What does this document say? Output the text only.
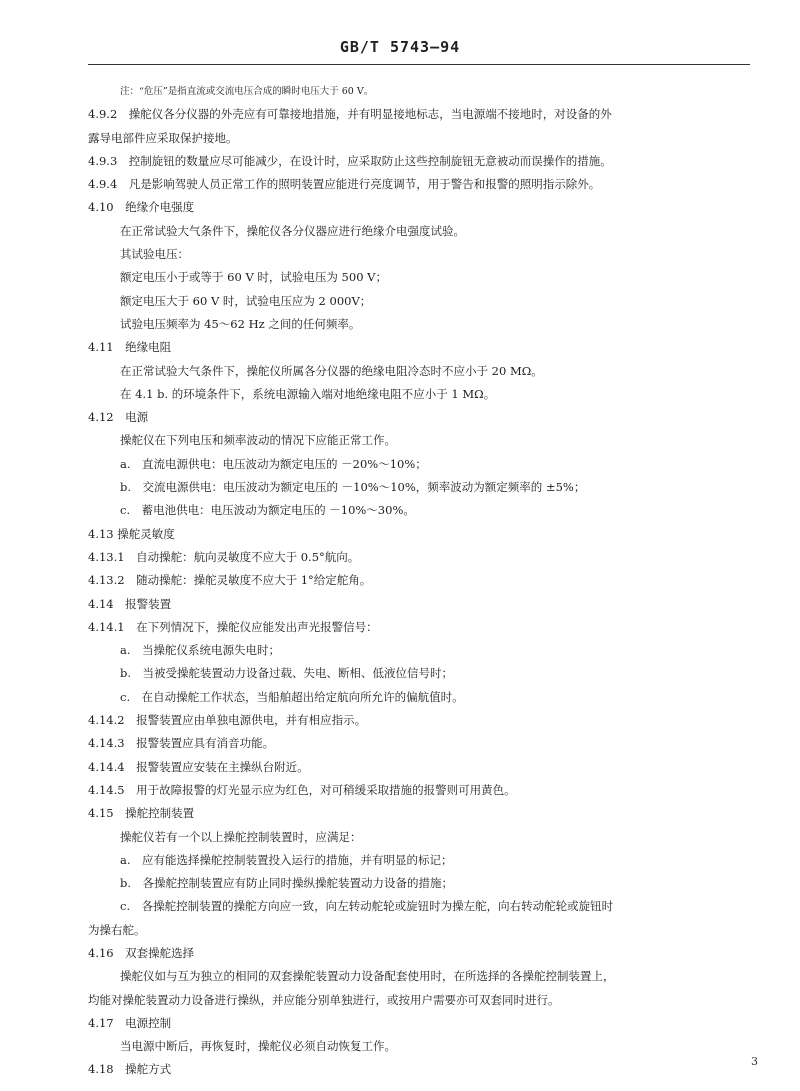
GB/T 5743—94
注：“危压”是指直流或交流电压合成的瞬时电压大于 60 V。
4.9.2　操舵仪各分仪器的外壳应有可靠接地措施，并有明显接地标志，当电源端不接地时，对设备的外
露导电部件应采取保护接地。
4.9.3　控制旋钮的数量应尽可能减少，在设计时，应采取防止这些控制旋钮无意被动而误操作的措施。
4.9.4　凡是影响驾驶人员正常工作的照明装置应能进行亮度调节，用于警告和报警的照明指示除外。
4.10　绝缘介电强度
在正常试验大气条件下，操舵仪各分仪器应进行绝缘介电强度试验。
其试验电压：
额定电压小于或等于 60 V 时，试验电压为 500 V；
额定电压大于 60 V 时，试验电压应为 2 000V；
试验电压频率为 45～62 Hz 之间的任何频率。
4.11　绝缘电阻
在正常试验大气条件下，操舵仪所属各分仪器的绝缘电阻冷态时不应小于 20 MΩ。
在 4.1 b. 的环境条件下，系统电源输入端对地绝缘电阻不应小于 1 MΩ。
4.12　电源
操舵仪在下列电压和频率波动的情况下应能正常工作。
a.　直流电源供电：电压波动为额定电压的 －20%～10%；
b.　交流电源供电：电压波动为额定电压的 －10%～10%，频率波动为额定频率的 ±5%；
c.　蓄电池供电：电压波动为额定电压的 －10%～30%。
4.13 操舵灵敏度
4.13.1　自动操舵：航向灵敏度不应大于 0.5°航向。
4.13.2　随动操舵：操舵灵敏度不应大于 1°给定舵角。
4.14　报警装置
4.14.1　在下列情况下，操舵仪应能发出声光报警信号：
a.　当操舵仪系统电源失电时；
b.　当被受操舵装置动力设备过载、失电、断相、低液位信号时；
c.　在自动操舵工作状态，当船舶超出给定航向所允许的偏航值时。
4.14.2　报警装置应由单独电源供电，并有相应指示。
4.14.3　报警装置应具有消音功能。
4.14.4　报警装置应安装在主操纵台附近。
4.14.5　用于故障报警的灯光显示应为红色，对可稍缓采取措施的报警则可用黄色。
4.15　操舵控制装置
操舵仪若有一个以上操舵控制装置时，应满足：
a.　应有能选择操舵控制装置投入运行的措施，并有明显的标记；
b.　各操舵控制装置应有防止同时操纵操舵装置动力设备的措施；
c.　各操舵控制装置的操舵方向应一致，向左转动舵轮或旋钮时为操左舵，向右转动舵轮或旋钮时
为操右舵。
4.16　双套操舵选择
操舵仪如与互为独立的相同的双套操舵装置动力设备配套使用时，在所选择的各操舵控制装置上，
均能对操舵装置动力设备进行操纵，并应能分别单独进行，或按用户需要亦可双套同时进行。
4.17　电源控制
当电源中断后，再恢复时，操舵仪必须自动恢复工作。
4.18　操舵方式
3
